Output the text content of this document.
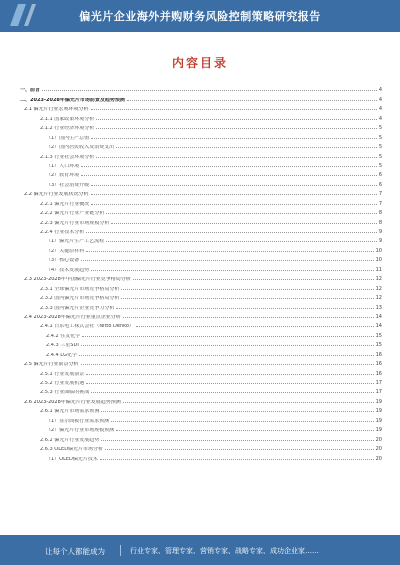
偏光片企业海外并购财务风险控制策略研究报告
内容目录
一、前言	4
二、2023-2028年偏光片市场前景及趋势预测	4
2.1 偏光片行业宏观环境分析	4
2.1.1 国家政策环境分析	4
2.1.2 行业经济环境分析	5
（1）国内生产总值	5
（2）国内居民收入及消费支出	5
2.1.3 行业社会环境分析	5
（1）人口环境	5
（2）教育环境	6
（3）社会消费升级	6
2.2 偏光片行业发展状况分析	7
2.2.1 偏光片行业概况	7
2.2.2 偏光片行业产业链分析	8
2.2.3 偏光片行业市场规模分析	8
2.2.4 行业技术分析	9
（1）偏光片生产工艺流程	9
（2）关键原材料	10
（3）核心设备	10
（4）技术发展趋势	11
2.3 2023-2028年中国偏光片行业竞争格局分析	12
2.3.1 全球偏光片市场竞争格局分析	12
2.3.2 国内偏光片市场竞争格局分析	12
2.3.3 国内偏光片企业竞争力分析	13
2.4 2023-2028年偏光片行业重点企业分析	14
2.4.1 日东电工株式会社（Nitto Denko）	14
2.4.2 住友化学	15
2.4.3 三星SDI	15
2.4.4 LG化学	16
2.5 偏光片行业前景分析	16
2.5.1 行业发展前景	16
2.5.2 行业发展机遇	17
2.5.3 行业面临的挑战	17
2.6 2023-2028年偏光片行业发展趋势预测	19
2.6.1 偏光片市场需求预测	19
（1）显示面板行业需求预测	19
（2）偏光片行业市场规模预测	19
2.6.2 偏光片行业发展趋势	20
2.6.3 OLED偏光片市场分析	20
（1）OLED偏光片技术	20
让每个人都能成为	行业专家、管理专家、营销专家、战略专家、成功企业家……
